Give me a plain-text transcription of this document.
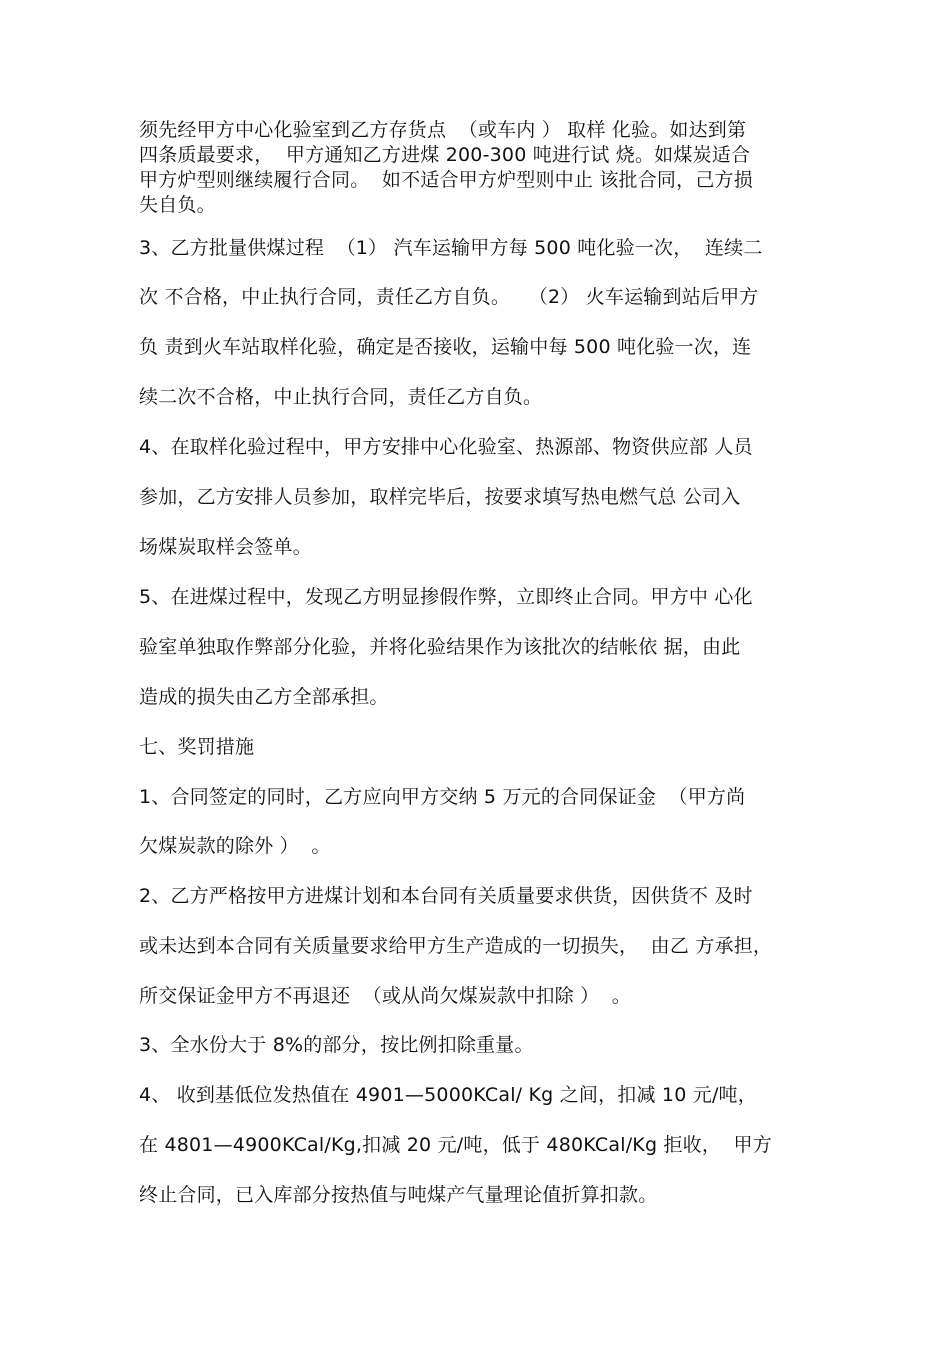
须先经甲方中心化验室到乙方存货点  （或车内 ） 取样 化验。如达到第
四条质最要求，  甲方通知乙方进煤 200-300 吨进行试 烧。如煤炭适合
甲方炉型则继续履行合同。  如不适合甲方炉型则中止 该批合同，己方损
失自负。
3、乙方批量供煤过程  （1） 汽车运输甲方每 500 吨化验一次，  连续二
次 不合格，中止执行合同，责任乙方自负。   （2） 火车运输到站后甲方
负 责到火车站取样化验，确定是否接收，运输中每 500 吨化验一次，连
续二次不合格，中止执行合同，责任乙方自负。
4、在取样化验过程中，甲方安排中心化验室、热源部、物资供应部 人员
参加，乙方安排人员参加，取样完毕后，按要求填写热电燃气总 公司入
场煤炭取样会签单。
5、在进煤过程中，发现乙方明显掺假作弊，立即终止合同。甲方中 心化
验室单独取作弊部分化验，并将化验结果作为该批次的结帐依 据，由此
造成的损失由乙方全部承担。
七、奖罚措施
1、合同签定的同时，乙方应向甲方交纳 5 万元的合同保证金  （甲方尚
欠煤炭款的除外 ）  。
2、乙方严格按甲方进煤计划和本台同有关质量要求供货，因供货不 及时
或未达到本合同有关质量要求给甲方生产造成的一切损失，  由乙 方承担，
所交保证金甲方不再退还  （或从尚欠煤炭款中扣除 ）  。
3、全水份大于 8%的部分，按比例扣除重量。
4、 收到基低位发热值在 4901—5000KCal/ Kg 之间，扣减 10 元/吨，
在 4801—4900KCal/Kg,扣减 20 元/吨，低于 480KCal/Kg 拒收，  甲方
终止合同，已入库部分按热值与吨煤产气量理论值折算扣款。
